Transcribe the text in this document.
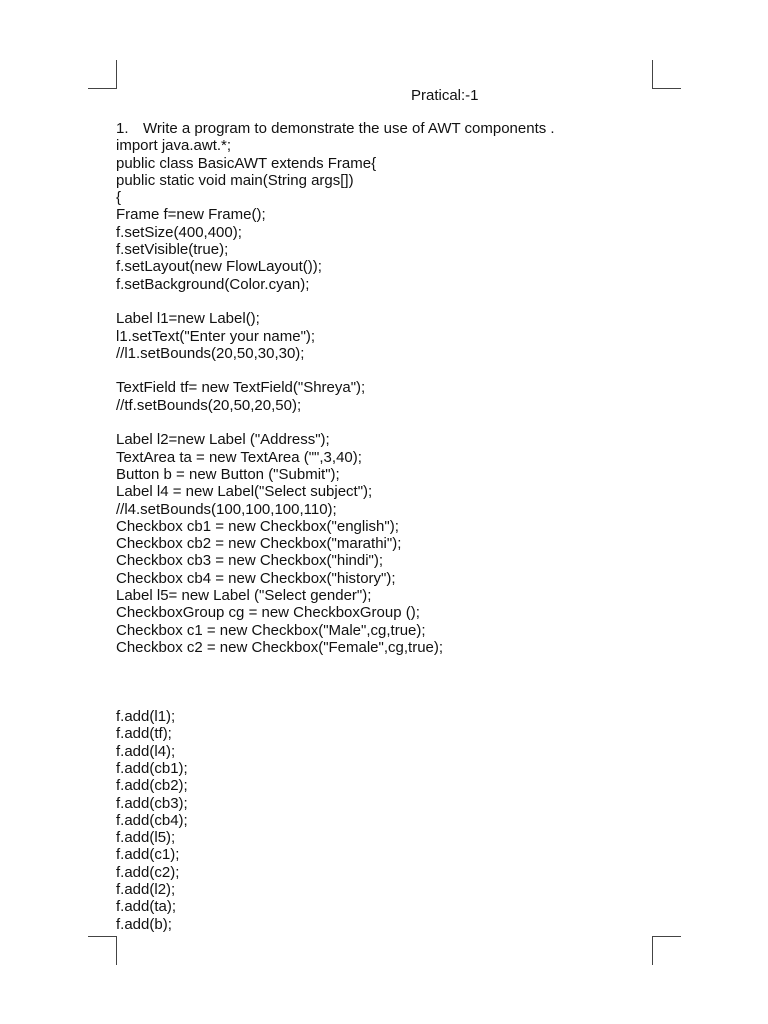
Pratical:-1
1. Write a program to demonstrate the use of AWT components .
import java.awt.*;
public class BasicAWT extends Frame{
public static void main(String args[])
{
Frame f=new Frame();
f.setSize(400,400);
f.setVisible(true);
f.setLayout(new FlowLayout());
f.setBackground(Color.cyan);
Label l1=new Label();
l1.setText("Enter your name");
//l1.setBounds(20,50,30,30);
TextField tf= new TextField("Shreya");
//tf.setBounds(20,50,20,50);
Label l2=new Label ("Address");
TextArea ta = new TextArea ("",3,40);
Button b = new Button ("Submit");
Label l4 = new Label("Select subject");
//l4.setBounds(100,100,100,110);
Checkbox cb1 = new Checkbox("english");
Checkbox cb2 = new Checkbox("marathi");
Checkbox cb3 = new Checkbox("hindi");
Checkbox cb4 = new Checkbox("history");
Label l5= new Label ("Select gender");
CheckboxGroup cg = new CheckboxGroup ();
Checkbox c1 = new Checkbox("Male",cg,true);
Checkbox c2 = new Checkbox("Female",cg,true);
f.add(l1);
f.add(tf);
f.add(l4);
f.add(cb1);
f.add(cb2);
f.add(cb3);
f.add(cb4);
f.add(l5);
f.add(c1);
f.add(c2);
f.add(l2);
f.add(ta);
f.add(b);
